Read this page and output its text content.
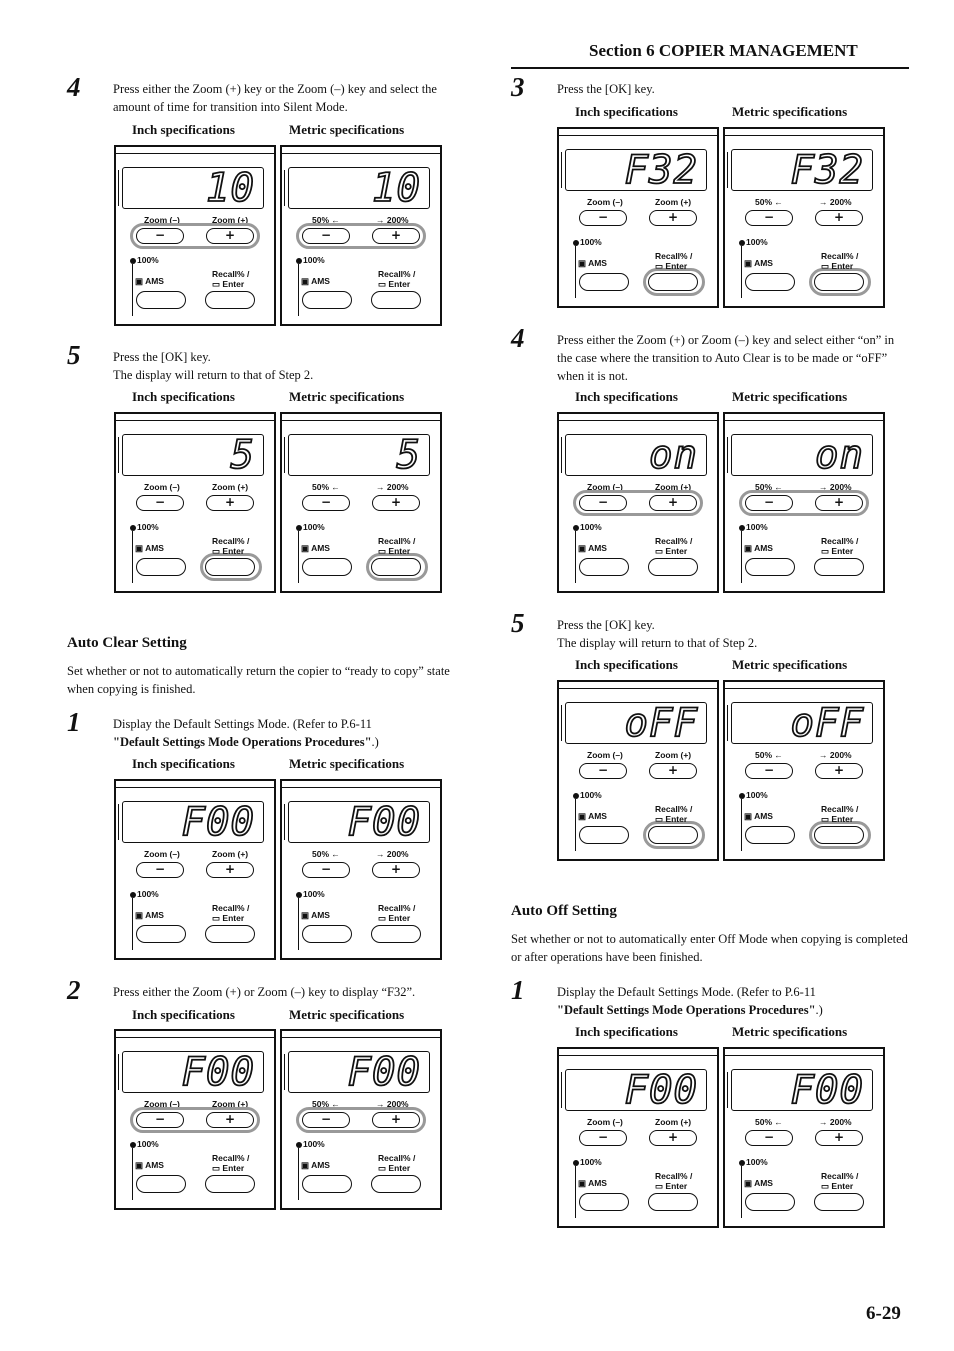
Section 6 COPIER MANAGEMENT
4	Press either the Zoom (+) key or the Zoom (–) key and select the amount of time for transition into Silent Mode.
Inch specifications	Metric specifications
10
Zoom (–)	Zoom (+)
−	+
100%
▣ AMS
Recall% /
▭ Enter
10
50% ←	→ 200%
−	+
100%
▣ AMS
Recall% /
▭ Enter
5	Press the [OK] key.
The display will return to that of Step 2.
Inch specifications	Metric specifications
5
Zoom (–)	Zoom (+)
−	+
100%
▣ AMS
Recall% /
▭ Enter
5
50% ←	→ 200%
−	+
100%
▣ AMS
Recall% /
▭ Enter
Auto Clear Setting
Set whether or not to automatically return the copier to “ready to copy” state when copying is finished.
1	Display the Default Settings Mode. (Refer to P.6-11
"Default Settings Mode Operations Procedures".)
Inch specifications	Metric specifications
F00
Zoom (–)	Zoom (+)
−	+
100%
▣ AMS
Recall% /
▭ Enter
F00
50% ←	→ 200%
−	+
100%
▣ AMS
Recall% /
▭ Enter
2	Press either the Zoom (+) or Zoom (–) key to display “F32”.
Inch specifications	Metric specifications
F00
Zoom (–)	Zoom (+)
−	+
100%
▣ AMS
Recall% /
▭ Enter
F00
50% ←	→ 200%
−	+
100%
▣ AMS
Recall% /
▭ Enter
3	Press the [OK] key.
Inch specifications	Metric specifications
F32
Zoom (–)	Zoom (+)
−	+
100%
▣ AMS
Recall% /
▭ Enter
F32
50% ←	→ 200%
−	+
100%
▣ AMS
Recall% /
▭ Enter
4	Press either the Zoom (+) or Zoom (–) key and select either “on” in the case where the transition to Auto Clear is to be made or “oFF” when it is not.
Inch specifications	Metric specifications
on
Zoom (–)	Zoom (+)
−	+
100%
▣ AMS
Recall% /
▭ Enter
on
50% ←	→ 200%
−	+
100%
▣ AMS
Recall% /
▭ Enter
5	Press the [OK] key.
The display will return to that of Step 2.
Inch specifications	Metric specifications
oFF
Zoom (–)	Zoom (+)
−	+
100%
▣ AMS
Recall% /
▭ Enter
oFF
50% ←	→ 200%
−	+
100%
▣ AMS
Recall% /
▭ Enter
Auto Off Setting
Set whether or not to automatically enter Off Mode when copying is completed or after operations have been finished.
1	Display the Default Settings Mode. (Refer to P.6-11
"Default Settings Mode Operations Procedures".)
Inch specifications	Metric specifications
F00
Zoom (–)	Zoom (+)
−	+
100%
▣ AMS
Recall% /
▭ Enter
F00
50% ←	→ 200%
−	+
100%
▣ AMS
Recall% /
▭ Enter
6-29
